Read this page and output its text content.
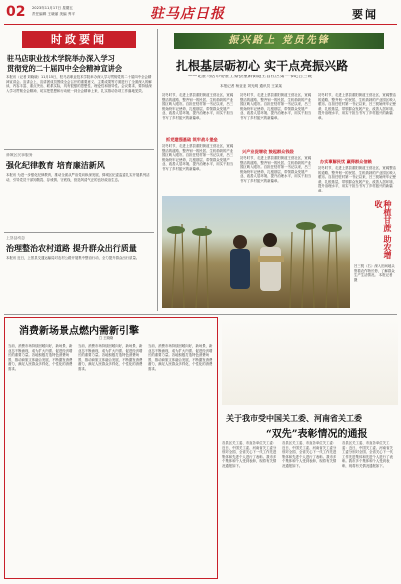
02 2023年11月17日 星期五
责任编辑 王晓丽 美编 秀平	驻马店日报	要闻
时政要闻
驻马店职业技术学院举办深入学习
贯彻党的二十届四中全会精神宣讲会
本报讯（记者 刘晓晓）11月15日，驻马店职业技术学院举办深入学习贯彻党的二十届四中全会精神宣讲会。宣讲会上，宣讲团成员围绕全会召开的重要意义、主要成果等方面进行了全面深入的解读，内容丰富、重点突出、联系实际，具有很强的思想性、理论性和指导性。会议要求，要持续深入学习贯彻全会精神，切实把思想和行动统一到全会精神上来，扎实推动各项工作落地见效。
驿城区民事服务
强化纪律教育 培育廉洁新风
本报讯 为进一步强化纪律教育，推动全面从严治党向纵深发展，驿城区纪委监委扎实开展系列活动，引导党员干部知敬畏、存戒惧、守底线，营造风清气正的良好政治生态。
上蔡县动态
治理整治农村道路 提升群众出行质量
本报讯 近日，上蔡县交通运输局对农村公路开展集中整治行动，全力提升群众出行质量。
振兴路上 党员先锋
扎根基层砺初心 实干点亮振兴路
——记驻马店市委驻上蔡县重阳街道王营社区第一书记吕三锐
本报记者 杨亚亚 刘光明 通讯员 王某某
初冬时节，走进上蔡县重阳街道王营社区，宽阔整洁的道路、整齐划一的民居、生机勃勃的产业园区映入眼帘。自担任驻村第一书记以来，吕三锐始终牢记使命，扎根基层，带领群众发展产业、改善人居环境、提升治理水平，用实干担当书写了乡村振兴的新篇章。
抓党建强基础 筑牢战斗堡垒
初冬时节，走进上蔡县重阳街道王营社区，宽阔整洁的道路、整齐划一的民居、生机勃勃的产业园区映入眼帘。自担任驻村第一书记以来，吕三锐始终牢记使命，扎根基层，带领群众发展产业、改善人居环境、提升治理水平，用实干担当书写了乡村振兴的新篇章。
初冬时节，走进上蔡县重阳街道王营社区，宽阔整洁的道路、整齐划一的民居、生机勃勃的产业园区映入眼帘。自担任驻村第一书记以来，吕三锐始终牢记使命，扎根基层，带领群众发展产业、改善人居环境、提升治理水平，用实干担当书写了乡村振兴的新篇章。
兴产业促增收 鼓起群众钱袋
初冬时节，走进上蔡县重阳街道王营社区，宽阔整洁的道路、整齐划一的民居、生机勃勃的产业园区映入眼帘。自担任驻村第一书记以来，吕三锐始终牢记使命，扎根基层，带领群众发展产业、改善人居环境、提升治理水平，用实干担当书写了乡村振兴的新篇章。
初冬时节，走进上蔡县重阳街道王营社区，宽阔整洁的道路、整齐划一的民居、生机勃勃的产业园区映入眼帘。自担任驻村第一书记以来，吕三锐始终牢记使命，扎根基层，带领群众发展产业、改善人居环境、提升治理水平，用实干担当书写了乡村振兴的新篇章。
办实事解民忧 赢得群众信赖
初冬时节，走进上蔡县重阳街道王营社区，宽阔整洁的道路、整齐划一的民居、生机勃勃的产业园区映入眼帘。自担任驻村第一书记以来，吕三锐始终牢记使命，扎根基层，带领群众发展产业、改善人居环境、提升治理水平，用实干担当书写了乡村振兴的新篇章。
种植甘蔗 助农增收
吕三锐（右）深入田间地头察看农作物长势，了解群众生产生活情况。 本报记者 摄
消费新场景点燃内需新引擎
□ 王晓晓
当前，消费市场持续回暖向好，新场景、新业态不断涌现，成为扩大内需、促进经济增长的重要力量。各地积极打造特色消费场景，推动商旅文体融合发展，不断激发消费潜力，满足人民群众多样化、个性化的消费需求。
当前，消费市场持续回暖向好，新场景、新业态不断涌现，成为扩大内需、促进经济增长的重要力量。各地积极打造特色消费场景，推动商旅文体融合发展，不断激发消费潜力，满足人民群众多样化、个性化的消费需求。
当前，消费市场持续回暖向好，新场景、新业态不断涌现，成为扩大内需、促进经济增长的重要力量。各地积极打造特色消费场景，推动商旅文体融合发展，不断激发消费潜力，满足人民群众多样化、个性化的消费需求。
关于我市受中国关工委、河南省关工委
“双先”表彰情况的通报
各县区关工委、市直各单位关工委：近日，中国关工委、河南省关工委分别对全国、全省关心下一代工作先进集体和先进个人进行了表彰。我市多个集体和个人受到表彰，现将有关情况通报如下。
各县区关工委、市直各单位关工委：近日，中国关工委、河南省关工委分别对全国、全省关心下一代工作先进集体和先进个人进行了表彰。我市多个集体和个人受到表彰，现将有关情况通报如下。
各县区关工委、市直各单位关工委：近日，中国关工委、河南省关工委分别对全国、全省关心下一代工作先进集体和先进个人进行了表彰。我市多个集体和个人受到表彰，现将有关情况通报如下。
